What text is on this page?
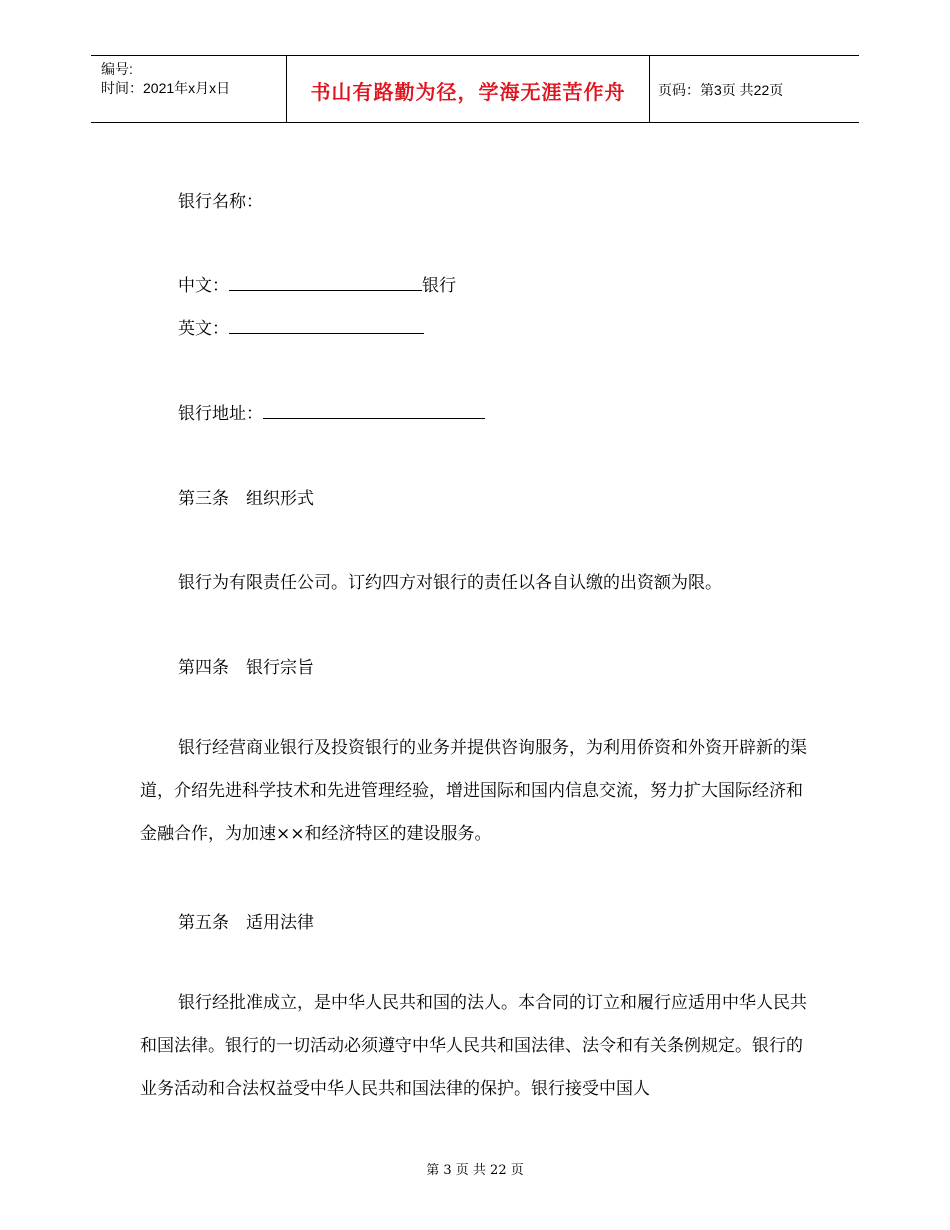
编号:
时间：2021年x月x日	书山有路勤为径，学海无涯苦作舟	页码：第3页 共22页
银行名称：
中文：	银行
英文：
银行地址：
第三条　组织形式
银行为有限责任公司。订约四方对银行的责任以各自认缴的出资额为限。
第四条　银行宗旨

银行经营商业银行及投资银行的业务并提供咨询服务，为利用侨资和外资开辟新的渠道，介绍先进科学技术和先进管理经验，增进国际和国内信息交流，努力扩大国际经济和金融合作，为加速××和经济特区的建设服务。

第五条　适用法律

银行经批准成立，是中华人民共和国的法人。本合同的订立和履行应适用中华人民共和国法律。银行的一切活动必须遵守中华人民共和国法律、法令和有关条例规定。银行的业务活动和合法权益受中华人民共和国法律的保护。银行接受中国人

第 3 页 共 22 页
